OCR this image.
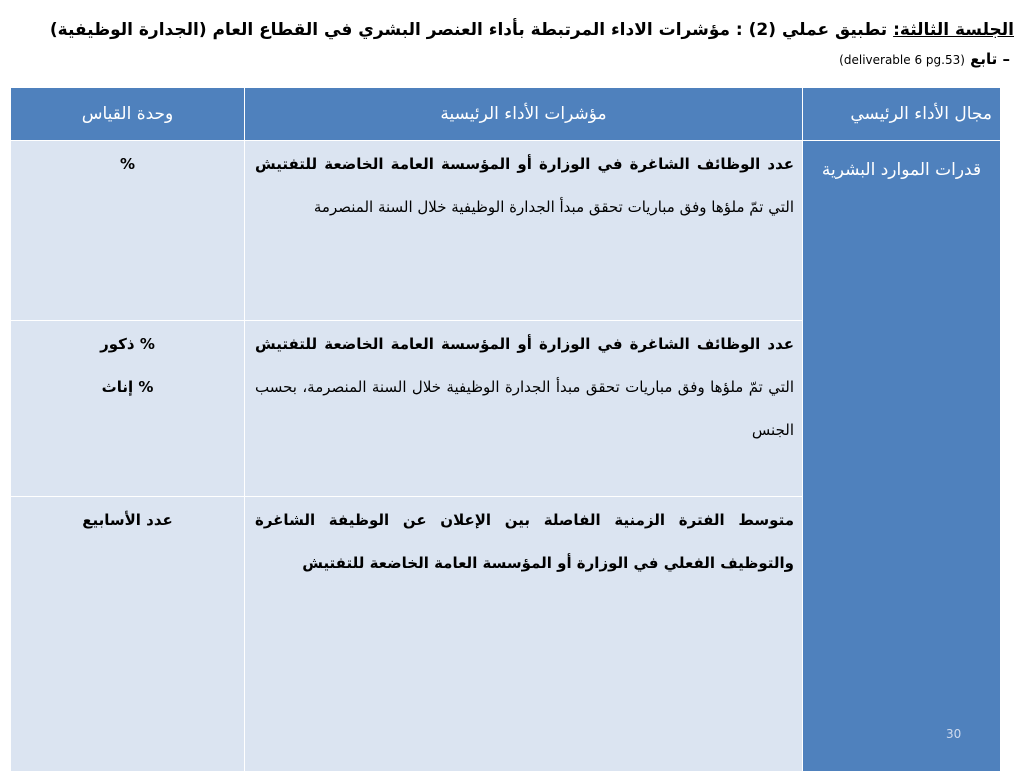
الجلسة الثالثة: تطبيق عملي (2) : مؤشرات الاداء المرتبطة بأداء العنصر البشري في القطاع العام (الجدارة الوظيفية)
– تابع (deliverable 6 pg.53)
مجال الأداء الرئيسي	مؤشرات الأداء الرئيسية	وحدة القياس
قدرات الموارد البشرية	عدد الوظائف الشاغرة في الوزارة أو المؤسسة العامة الخاضعة للتفتيش التي تمّ ملؤها وفق مباريات تحقق مبدأ الجدارة الوظيفية خلال السنة المنصرمة	%

	عدد الوظائف الشاغرة في الوزارة أو المؤسسة العامة الخاضعة للتفتيش التي تمّ ملؤها وفق مباريات تحقق مبدأ الجدارة الوظيفية خلال السنة المنصرمة، بحسب الجنس	% ذكور
% إناث

	متوسط الفترة الزمنية الفاصلة بين الإعلان عن الوظيفة الشاغرة والتوظيف الفعلي في الوزارة أو المؤسسة العامة الخاضعة للتفتيش	عدد الأسابيع
30
